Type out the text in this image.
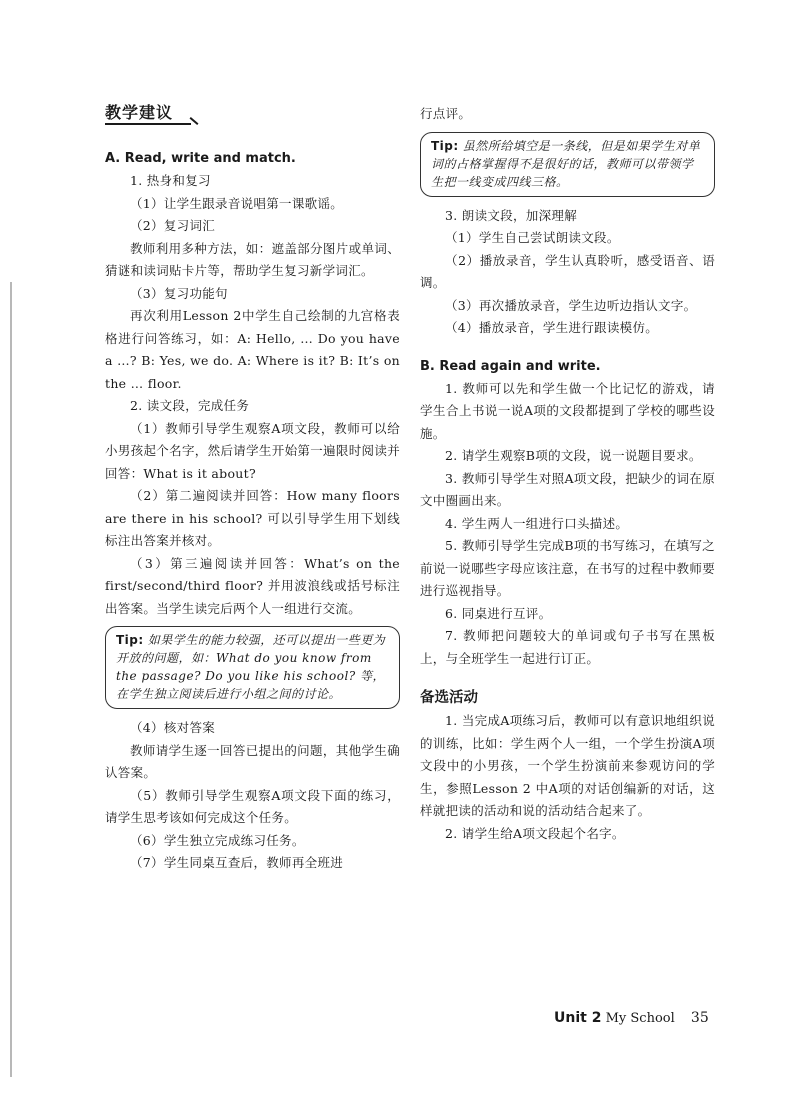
教学建议
A. Read, write and match.

1. 热身和复习

（1）让学生跟录音说唱第一课歌谣。

（2）复习词汇

教师利用多种方法，如：遮盖部分图片或单词、猜谜和读词贴卡片等，帮助学生复习新学词汇。

（3）复习功能句

再次利用Lesson 2中学生自己绘制的九宫格表格进行问答练习，如：A: Hello, … Do you have a …? B: Yes, we do. A: Where is it? B: It’s on the … floor.

2. 读文段，完成任务

（1）教师引导学生观察A项文段，教师可以给小男孩起个名字，然后请学生开始第一遍限时阅读并回答：What is it about?

（2）第二遍阅读并回答：How many floors are there in his school? 可以引导学生用下划线标注出答案并核对。

（3）第三遍阅读并回答：What’s on the first/second/third floor? 并用波浪线或括号标注出答案。当学生读完后两个人一组进行交流。

Tip: 如果学生的能力较强，还可以提出一些更为开放的问题，如：What do you know from the passage? Do you like his school? 等，在学生独立阅读后进行小组之间的讨论。

（4）核对答案

教师请学生逐一回答已提出的问题，其他学生确认答案。

（5）教师引导学生观察A项文段下面的练习，请学生思考该如何完成这个任务。

（6）学生独立完成练习任务。

（7）学生同桌互查后，教师再全班进

行点评。

Tip: 虽然所给填空是一条线，但是如果学生对单词的占格掌握得不是很好的话，教师可以带领学生把一线变成四线三格。

3. 朗读文段，加深理解

（1）学生自己尝试朗读文段。

（2）播放录音，学生认真聆听，感受语音、语调。

（3）再次播放录音，学生边听边指认文字。

（4）播放录音，学生进行跟读模仿。

B. Read again and write.

1. 教师可以先和学生做一个比记忆的游戏，请学生合上书说一说A项的文段都提到了学校的哪些设施。

2. 请学生观察B项的文段，说一说题目要求。

3. 教师引导学生对照A项文段，把缺少的词在原文中圈画出来。

4. 学生两人一组进行口头描述。

5. 教师引导学生完成B项的书写练习，在填写之前说一说哪些字母应该注意，在书写的过程中教师要进行巡视指导。

6. 同桌进行互评。

7. 教师把问题较大的单词或句子书写在黑板上，与全班学生一起进行订正。

备选活动

1. 当完成A项练习后，教师可以有意识地组织说的训练，比如：学生两个人一组，一个学生扮演A项文段中的小男孩，一个学生扮演前来参观访问的学生，参照Lesson 2 中A项的对话创编新的对话，这样就把读的活动和说的活动结合起来了。

2. 请学生给A项文段起个名字。

Unit 2 My School 35
